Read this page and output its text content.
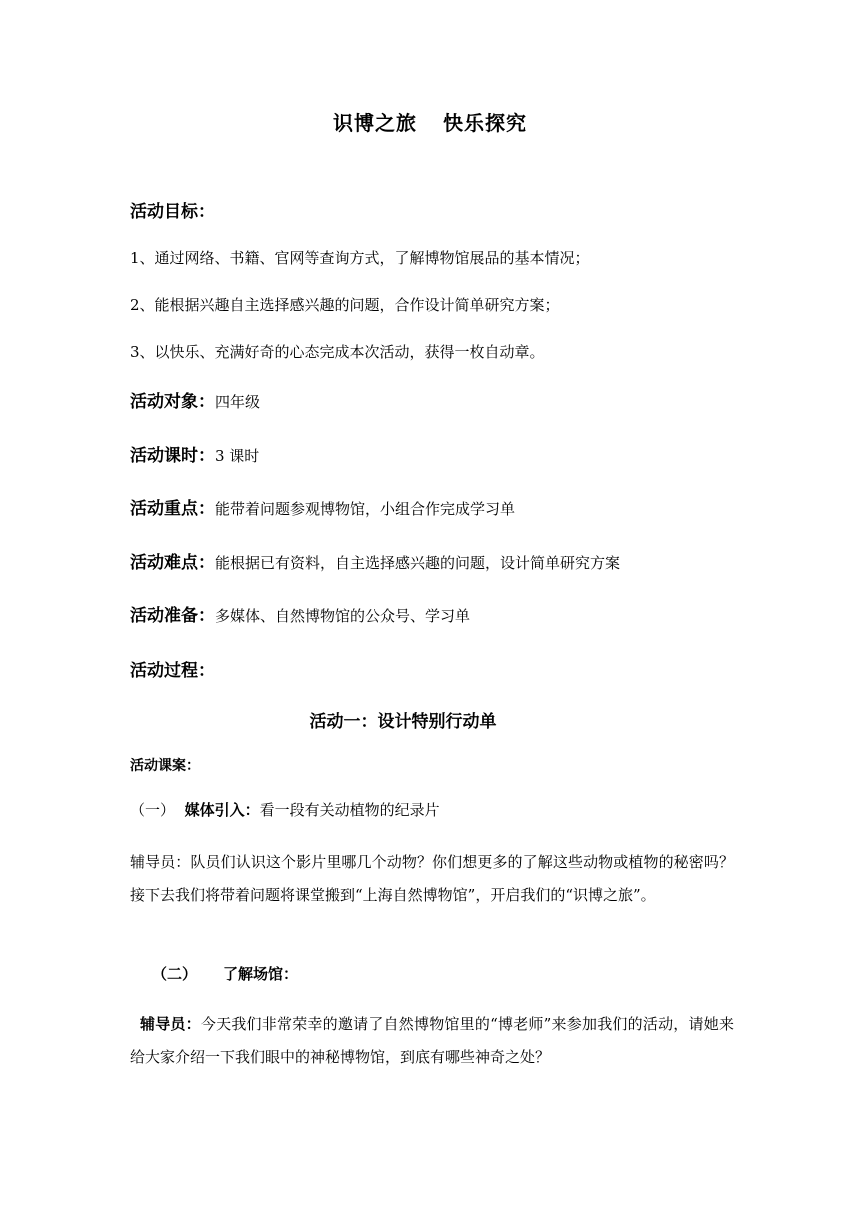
识博之旅 快乐探究
活动目标：
1、通过网络、书籍、官网等查询方式，了解博物馆展品的基本情况；
2、能根据兴趣自主选择感兴趣的问题，合作设计简单研究方案；
3、以快乐、充满好奇的心态完成本次活动，获得一枚自动章。
活动对象：四年级
活动课时：3 课时
活动重点：能带着问题参观博物馆，小组合作完成学习单
活动难点：能根据已有资料，自主选择感兴趣的问题，设计简单研究方案
活动准备：多媒体、自然博物馆的公众号、学习单
活动过程：
活动一：设计特别行动单
活动课案：
（一） 媒体引入：看一段有关动植物的纪录片
辅导员：队员们认识这个影片里哪几个动物？你们想更多的了解这些动物或植物的秘密吗？接下去我们将带着问题将课堂搬到“上海自然博物馆”，开启我们的“识博之旅”。
（二） 了解场馆：
辅导员：今天我们非常荣幸的邀请了自然博物馆里的“博老师”来参加我们的活动，请她来给大家介绍一下我们眼中的神秘博物馆，到底有哪些神奇之处？
